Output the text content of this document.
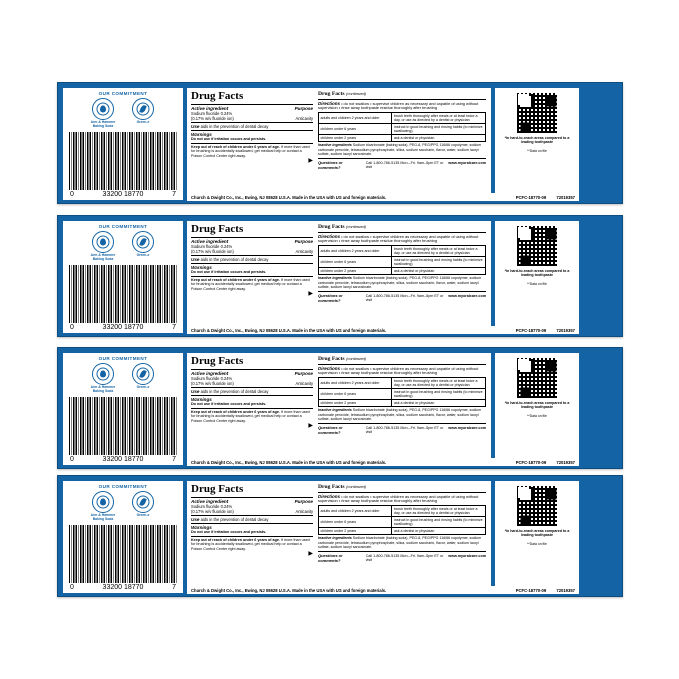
OUR COMMITMENT
Arm & Hammer Baking Soda
Green-e
0	33200 18770	7
Drug Facts
Active ingredient	Purpose
Sodium fluoride 0.24%
(0.17% w/v fluoride ion)	Anticavity
Use aids in the prevention of dental decay
Warnings
Do not use if irritation occurs and persists.
Keep out of reach of children under 6 years of age. If more than used for brushing is accidentally swallowed, get medical help or contact a Poison Control Center right away.
▶
Drug Facts (continued)
Directions • do not swallow • supervise children as necessary and capable of using without supervision • rinse away toothpaste residue thoroughly after brushing
adults and children 2 years and older	brush teeth thoroughly after meals or at least twice a day, or use as directed by a dentist or physician
children under 6 years	instruct in good brushing and rinsing habits (to minimize swallowing)
children under 2 years	ask a dentist or physician
Inactive ingredients Sodium bicarbonate (baking soda), PEG-8, PEG/PPG 116/66 copolymer, sodium carbonate peroxide, tetrasodium pyrophosphate, silica, sodium saccharin, flavor, water, sodium lauryl sulfate, sodium lauryl sarcosinate.
Questions or comments?
Call 1-800-786-5135 Mon.–Fri. 9am–5pm ET or visit
www.myoralcare.com
*In hard-to-reach areas compared to a leading toothpaste
**Data on file
Church & Dwight Co., Inc., Ewing, NJ 08628 U.S.A. Made in the USA with US and foreign materials.	PCFC-18770-09 72019357
OUR COMMITMENT
Arm & Hammer Baking Soda
Green-e
0	33200 18770	7
Drug Facts
Active ingredient	Purpose
Sodium fluoride 0.24%
(0.17% w/v fluoride ion)	Anticavity
Use aids in the prevention of dental decay
Warnings
Do not use if irritation occurs and persists.
Keep out of reach of children under 6 years of age. If more than used for brushing is accidentally swallowed, get medical help or contact a Poison Control Center right away.
▶
Drug Facts (continued)
Directions • do not swallow • supervise children as necessary and capable of using without supervision • rinse away toothpaste residue thoroughly after brushing
adults and children 2 years and older	brush teeth thoroughly after meals or at least twice a day, or use as directed by a dentist or physician
children under 6 years	instruct in good brushing and rinsing habits (to minimize swallowing)
children under 2 years	ask a dentist or physician
Inactive ingredients Sodium bicarbonate (baking soda), PEG-8, PEG/PPG 116/66 copolymer, sodium carbonate peroxide, tetrasodium pyrophosphate, silica, sodium saccharin, flavor, water, sodium lauryl sulfate, sodium lauryl sarcosinate.
Questions or comments?
Call 1-800-786-5135 Mon.–Fri. 9am–5pm ET or visit
www.myoralcare.com
*In hard-to-reach areas compared to a leading toothpaste
**Data on file
Church & Dwight Co., Inc., Ewing, NJ 08628 U.S.A. Made in the USA with US and foreign materials.	PCFC-18770-09 72019357
OUR COMMITMENT
Arm & Hammer Baking Soda
Green-e
0	33200 18770	7
Drug Facts
Active ingredient	Purpose
Sodium fluoride 0.24%
(0.17% w/v fluoride ion)	Anticavity
Use aids in the prevention of dental decay
Warnings
Do not use if irritation occurs and persists.
Keep out of reach of children under 6 years of age. If more than used for brushing is accidentally swallowed, get medical help or contact a Poison Control Center right away.
▶
Drug Facts (continued)
Directions • do not swallow • supervise children as necessary and capable of using without supervision • rinse away toothpaste residue thoroughly after brushing
adults and children 2 years and older	brush teeth thoroughly after meals or at least twice a day, or use as directed by a dentist or physician
children under 6 years	instruct in good brushing and rinsing habits (to minimize swallowing)
children under 2 years	ask a dentist or physician
Inactive ingredients Sodium bicarbonate (baking soda), PEG-8, PEG/PPG 116/66 copolymer, sodium carbonate peroxide, tetrasodium pyrophosphate, silica, sodium saccharin, flavor, water, sodium lauryl sulfate, sodium lauryl sarcosinate.
Questions or comments?
Call 1-800-786-5135 Mon.–Fri. 9am–5pm ET or visit
www.myoralcare.com
*In hard-to-reach areas compared to a leading toothpaste
**Data on file
Church & Dwight Co., Inc., Ewing, NJ 08628 U.S.A. Made in the USA with US and foreign materials.	PCFC-18770-09 72019357
OUR COMMITMENT
Arm & Hammer Baking Soda
Green-e
0	33200 18770	7
Drug Facts
Active ingredient	Purpose
Sodium fluoride 0.24%
(0.17% w/v fluoride ion)	Anticavity
Use aids in the prevention of dental decay
Warnings
Do not use if irritation occurs and persists.
Keep out of reach of children under 6 years of age. If more than used for brushing is accidentally swallowed, get medical help or contact a Poison Control Center right away.
▶
Drug Facts (continued)
Directions • do not swallow • supervise children as necessary and capable of using without supervision • rinse away toothpaste residue thoroughly after brushing
adults and children 2 years and older	brush teeth thoroughly after meals or at least twice a day, or use as directed by a dentist or physician
children under 6 years	instruct in good brushing and rinsing habits (to minimize swallowing)
children under 2 years	ask a dentist or physician
Inactive ingredients Sodium bicarbonate (baking soda), PEG-8, PEG/PPG 116/66 copolymer, sodium carbonate peroxide, tetrasodium pyrophosphate, silica, sodium saccharin, flavor, water, sodium lauryl sulfate, sodium lauryl sarcosinate.
Questions or comments?
Call 1-800-786-5135 Mon.–Fri. 9am–5pm ET or visit
www.myoralcare.com
*In hard-to-reach areas compared to a leading toothpaste
**Data on file
Church & Dwight Co., Inc., Ewing, NJ 08628 U.S.A. Made in the USA with US and foreign materials.	PCFC-18770-09 72019357
